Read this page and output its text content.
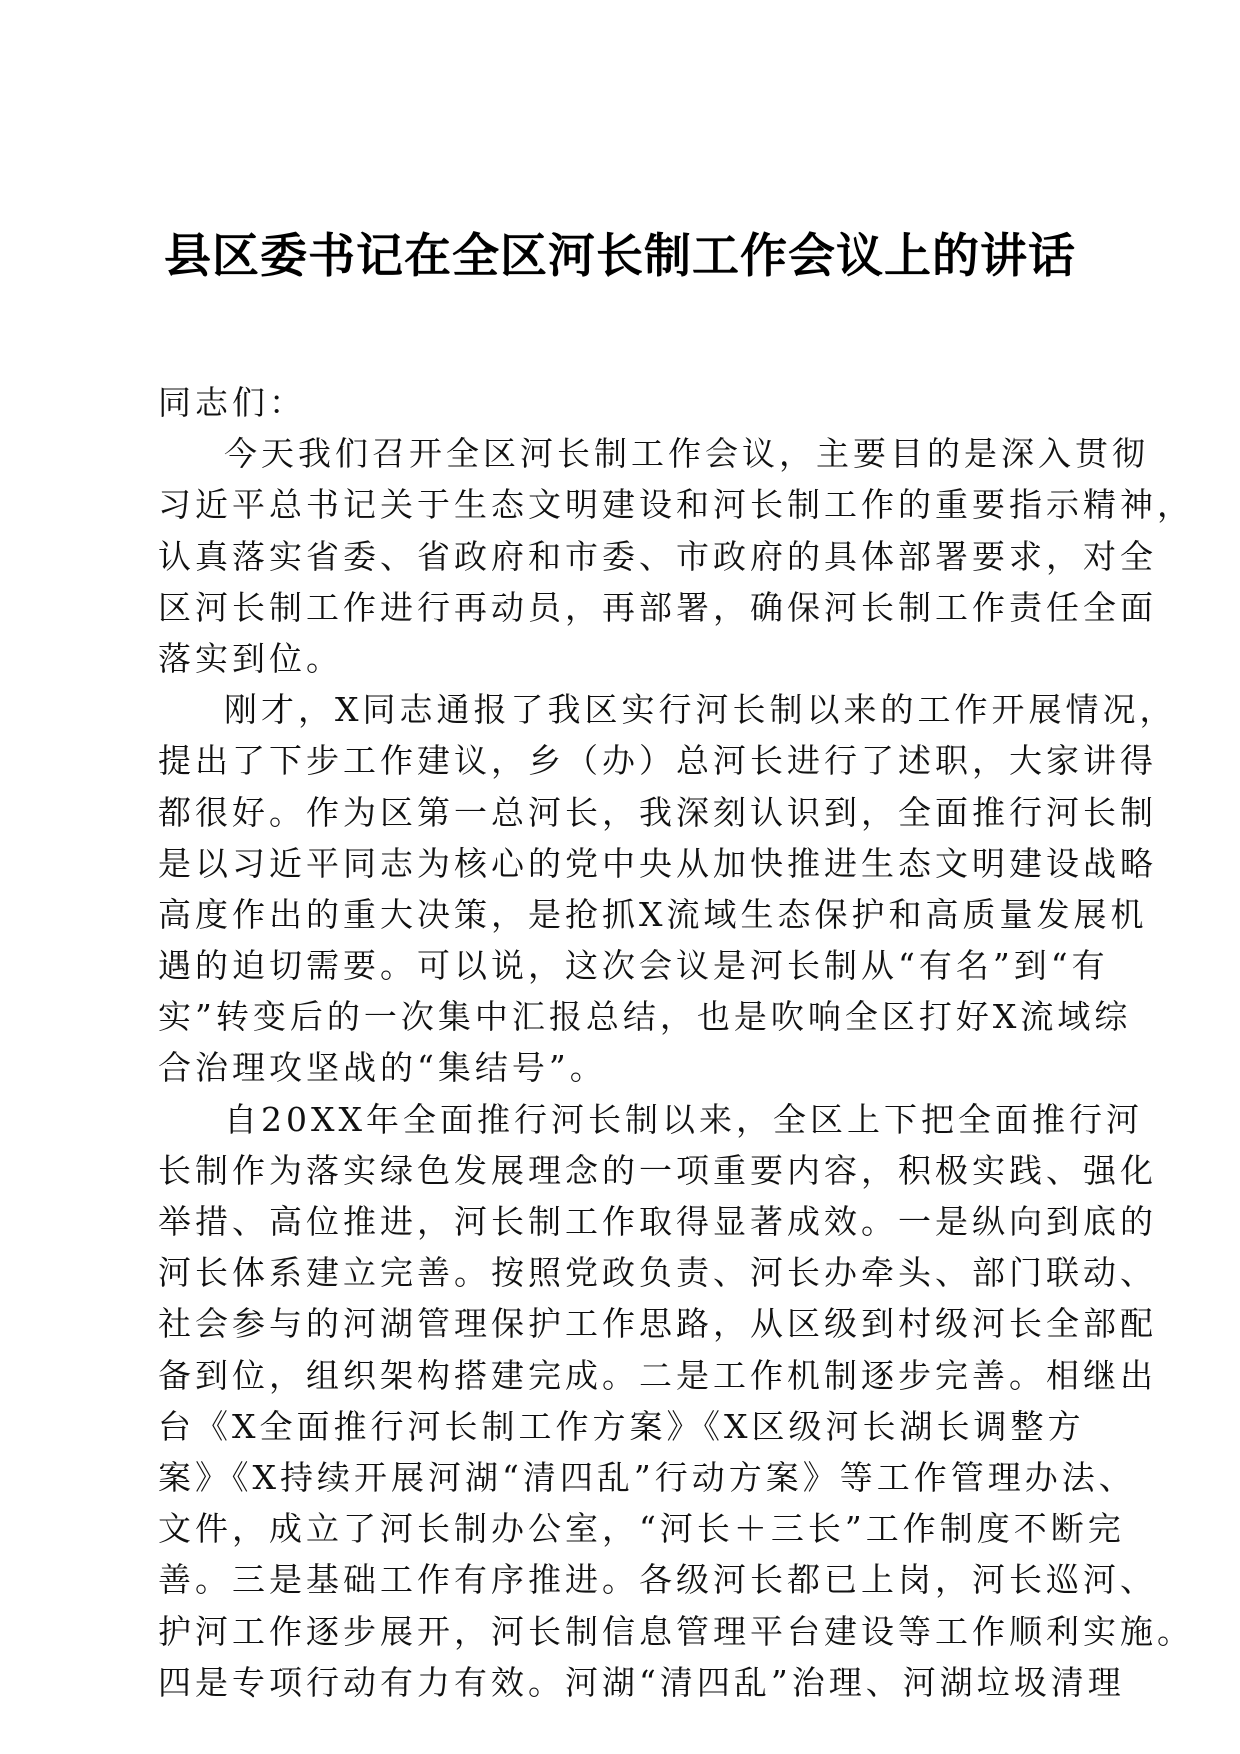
县区委书记在全区河长制工作会议上的讲话
同志们：
今天我们召开全区河长制工作会议，主要目的是深入贯彻
习近平总书记关于生态文明建设和河长制工作的重要指示精神，
认真落实省委、省政府和市委、市政府的具体部署要求，对全
区河长制工作进行再动员，再部署，确保河长制工作责任全面
落实到位。
刚才，X同志通报了我区实行河长制以来的工作开展情况，
提出了下步工作建议，乡（办）总河长进行了述职，大家讲得
都很好。作为区第一总河长，我深刻认识到，全面推行河长制
是以习近平同志为核心的党中央从加快推进生态文明建设战略
高度作出的重大决策，是抢抓X流域生态保护和高质量发展机
遇的迫切需要。可以说，这次会议是河长制从“有名”到“有
实”转变后的一次集中汇报总结，也是吹响全区打好X流域综
合治理攻坚战的“集结号”。
自20XX年全面推行河长制以来，全区上下把全面推行河
长制作为落实绿色发展理念的一项重要内容，积极实践、强化
举措、高位推进，河长制工作取得显著成效。一是纵向到底的
河长体系建立完善。按照党政负责、河长办牵头、部门联动、
社会参与的河湖管理保护工作思路，从区级到村级河长全部配
备到位，组织架构搭建完成。二是工作机制逐步完善。相继出
台《X全面推行河长制工作方案》《X区级河长湖长调整方
案》《X持续开展河湖“清四乱”行动方案》等工作管理办法、
文件，成立了河长制办公室，“河长＋三长”工作制度不断完
善。三是基础工作有序推进。各级河长都已上岗，河长巡河、
护河工作逐步展开，河长制信息管理平台建设等工作顺利实施。
四是专项行动有力有效。河湖“清四乱”治理、河湖垃圾清理
